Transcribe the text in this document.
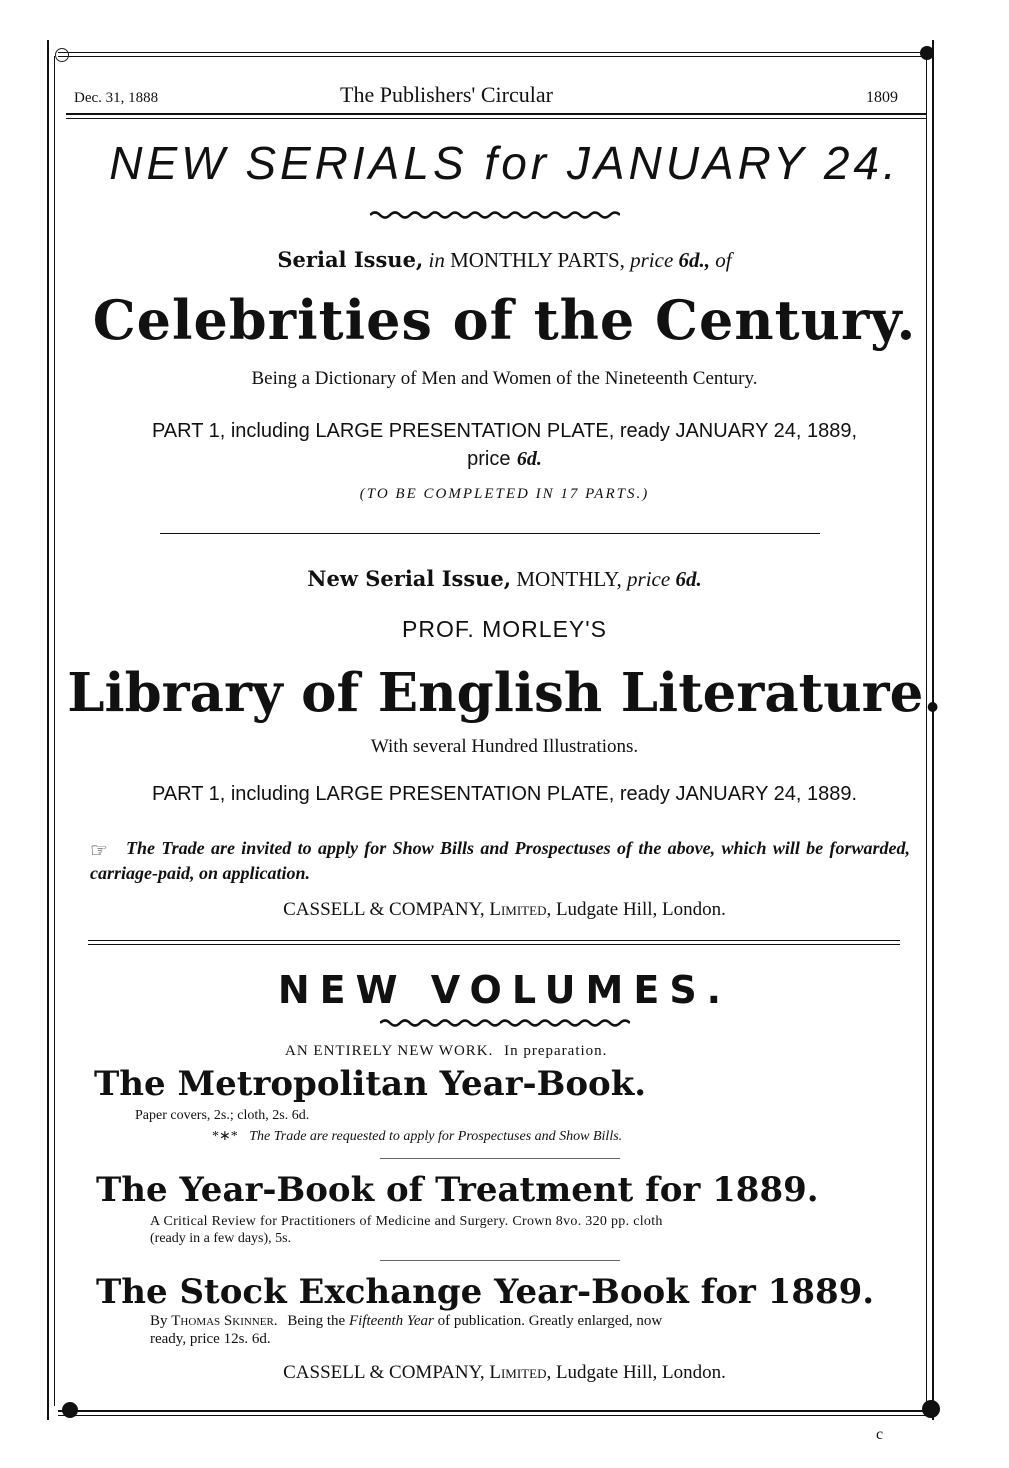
Dec. 31, 1888	The Publishers' Circular	1809
NEW SERIALS for JANUARY 24.
Serial Issue, in MONTHLY PARTS, price 6d., of
Celebrities of the Century.
Being a Dictionary of Men and Women of the Nineteenth Century.
PART 1, including LARGE PRESENTATION PLATE, ready JANUARY 24, 1889,
price 6d.
(TO BE COMPLETED IN 17 PARTS.)
New Serial Issue, MONTHLY, price 6d.
PROF. MORLEY'S
Library of English Literature.
With several Hundred Illustrations.
PART 1, including LARGE PRESENTATION PLATE, ready JANUARY 24, 1889.
☞	The Trade are invited to apply for Show Bills and Prospectuses of the above, which will be forwarded, carriage-paid, on application.
CASSELL & COMPANY, Limited, Ludgate Hill, London.
NEW VOLUMES.
AN ENTIRELY NEW WORK. In preparation.
The Metropolitan Year-Book.
Paper covers, 2s.; cloth, 2s. 6d.
*∗* The Trade are requested to apply for Prospectuses and Show Bills.
The Year-Book of Treatment for 1889.
A Critical Review for Practitioners of Medicine and Surgery. Crown 8vo. 320 pp. cloth
(ready in a few days), 5s.
The Stock Exchange Year-Book for 1889.
By Thomas Skinner. Being the Fifteenth Year of publication. Greatly enlarged, now
ready, price 12s. 6d.
CASSELL & COMPANY, Limited, Ludgate Hill, London.
c
